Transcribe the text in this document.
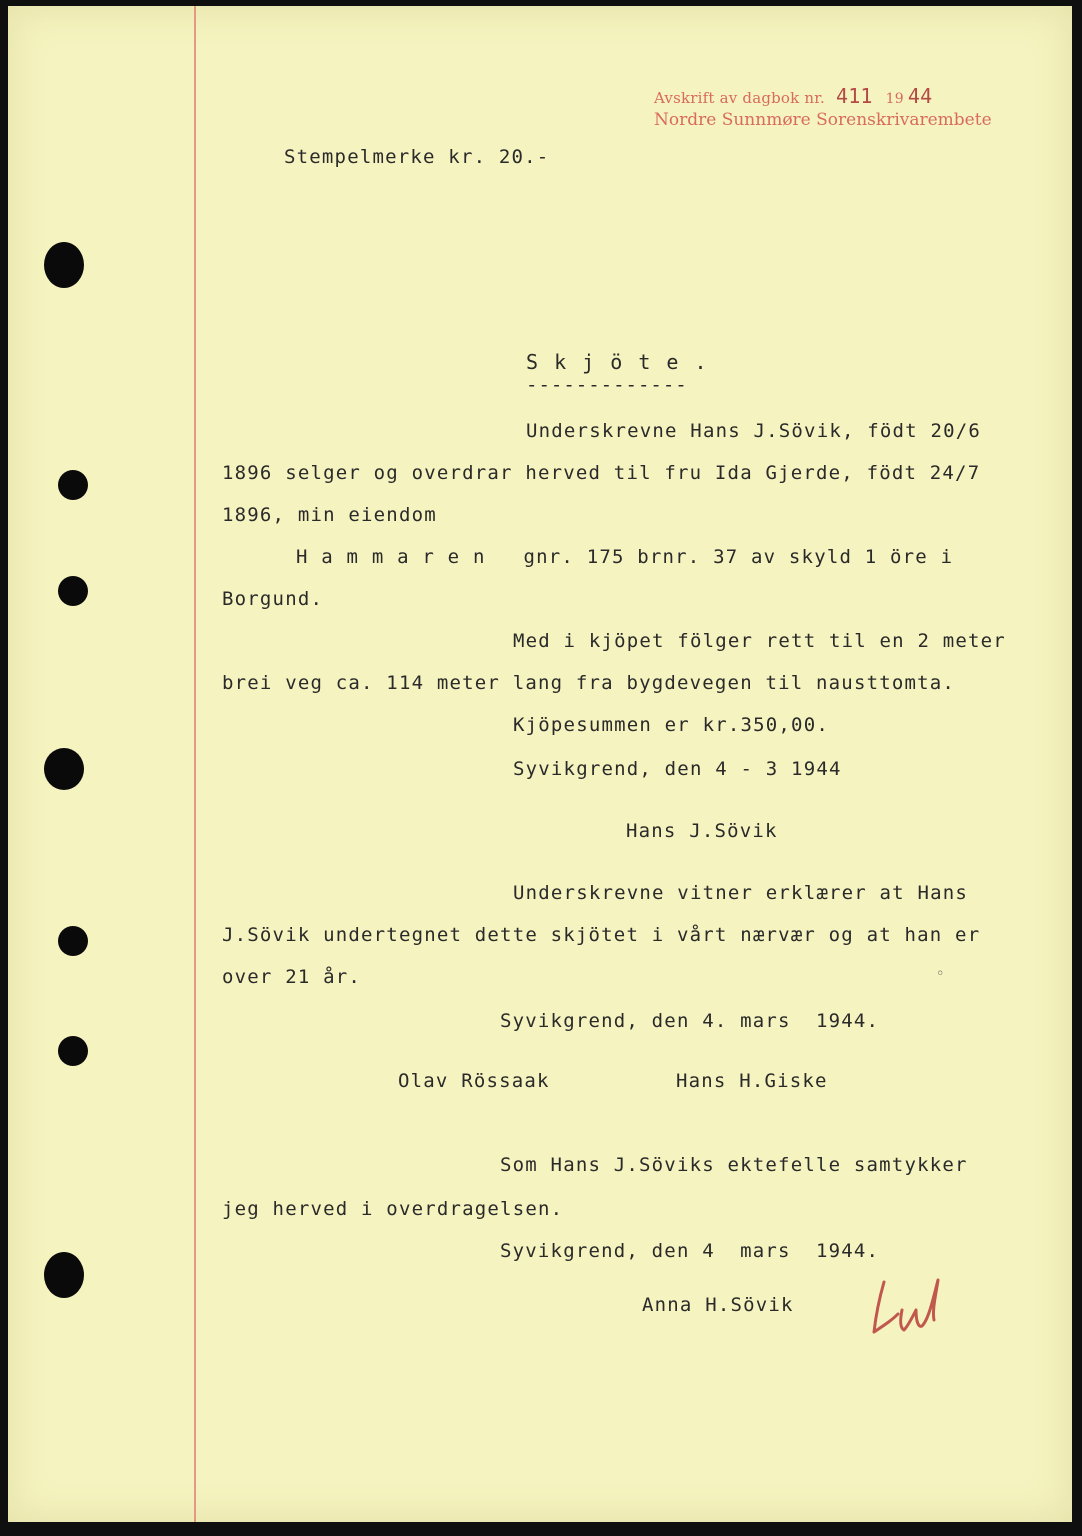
Avskrift av dagbok nr. 411 19 44
Nordre Sunnmøre Sorenskrivarembete
Stempelmerke kr. 20.-
S k j ö t e .
-------------
Underskrevne Hans J.Sövik, födt 20/6
1896 selger og overdrar herved til fru Ida Gjerde, födt 24/7
1896, min eiendom
H a m m a r e n   gnr. 175 brnr. 37 av skyld 1 öre i
Borgund.
Med i kjöpet fölger rett til en 2 meter
brei veg ca. 114 meter lang fra bygdevegen til nausttomta.
Kjöpesummen er kr.350,00.
Syvikgrend, den 4 - 3 1944
Hans J.Sövik
Underskrevne vitner erklærer at Hans
J.Sövik undertegnet dette skjötet i vårt nærvær og at han er
over 21 år.	◦
Syvikgrend, den 4. mars  1944.
Olav Rössaak	Hans H.Giske
Som Hans J.Söviks ektefelle samtykker
jeg herved i overdragelsen.
Syvikgrend, den 4  mars  1944.
Anna H.Sövik
